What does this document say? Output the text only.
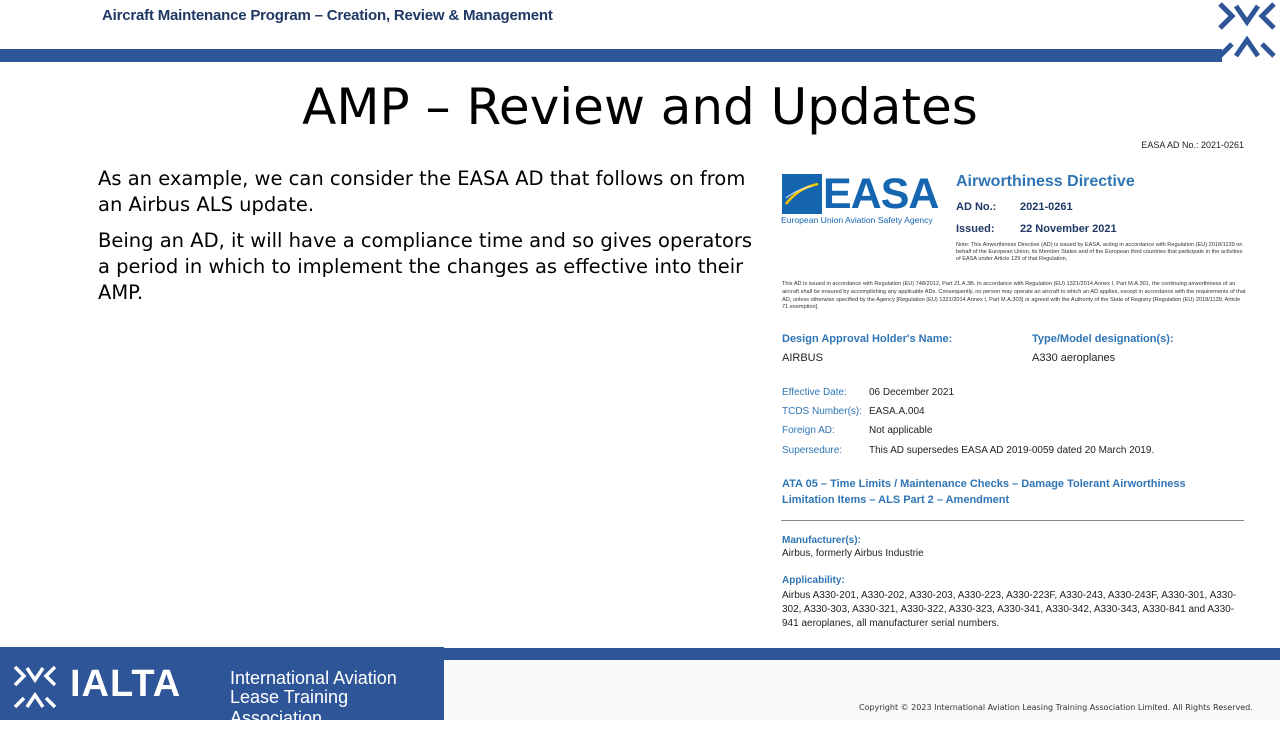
Aircraft Maintenance Program – Creation, Review & Management
AMP – Review and Updates

As an example, we can consider the EASA AD that follows on from an Airbus ALS update.

Being an AD, it will have a compliance time and so gives operators a period in which to implement the changes as effective into their AMP.

EASA AD No.: 2021-0261
EASA
European Union Aviation Safety Agency
Airworthiness Directive
AD No.: 2021-0261
Issued: 22 November 2021
Note: This Airworthiness Directive (AD) is issued by EASA, acting in accordance with Regulation (EU) 2018/1139 on behalf of the European Union, its Member States and of the European third countries that participate in the activities of EASA under Article 129 of that Regulation.
This AD is issued in accordance with Regulation (EU) 748/2012, Part 21.A.3B. In accordance with Regulation (EU) 1321/2014 Annex I, Part M.A.301, the continuing airworthiness of an aircraft shall be ensured by accomplishing any applicable ADs. Consequently, no person may operate an aircraft to which an AD applies, except in accordance with the requirements of that AD, unless otherwise specified by the Agency [Regulation (EU) 1321/2014 Annex I, Part M.A.303] or agreed with the Authority of the State of Registry [Regulation (EU) 2018/1139, Article 71 exemption].
Design Approval Holder's Name:
AIRBUS
Type/Model designation(s):
A330 aeroplanes
Effective Date: 06 December 2021
TCDS Number(s): EASA.A.004
Foreign AD:	Not applicable
Supersedure:	This AD supersedes EASA AD 2019-0059 dated 20 March 2019.
ATA 05 – Time Limits / Maintenance Checks – Damage Tolerant Airworthiness
Limitation Items – ALS Part 2 – Amendment
Manufacturer(s):
Airbus, formerly Airbus Industrie
Applicability:
Airbus A330-201, A330-202, A330-203, A330-223, A330-223F, A330-243, A330-243F, A330-301, A330-302, A330-303, A330-321, A330-322, A330-323, A330-341, A330-342, A330-343, A330-841 and A330-941 aeroplanes, all manufacturer serial numbers.
IALTA	International Aviation
Lease Training Association
Copyright © 2023 International Aviation Leasing Training Association Limited. All Rights Reserved.
